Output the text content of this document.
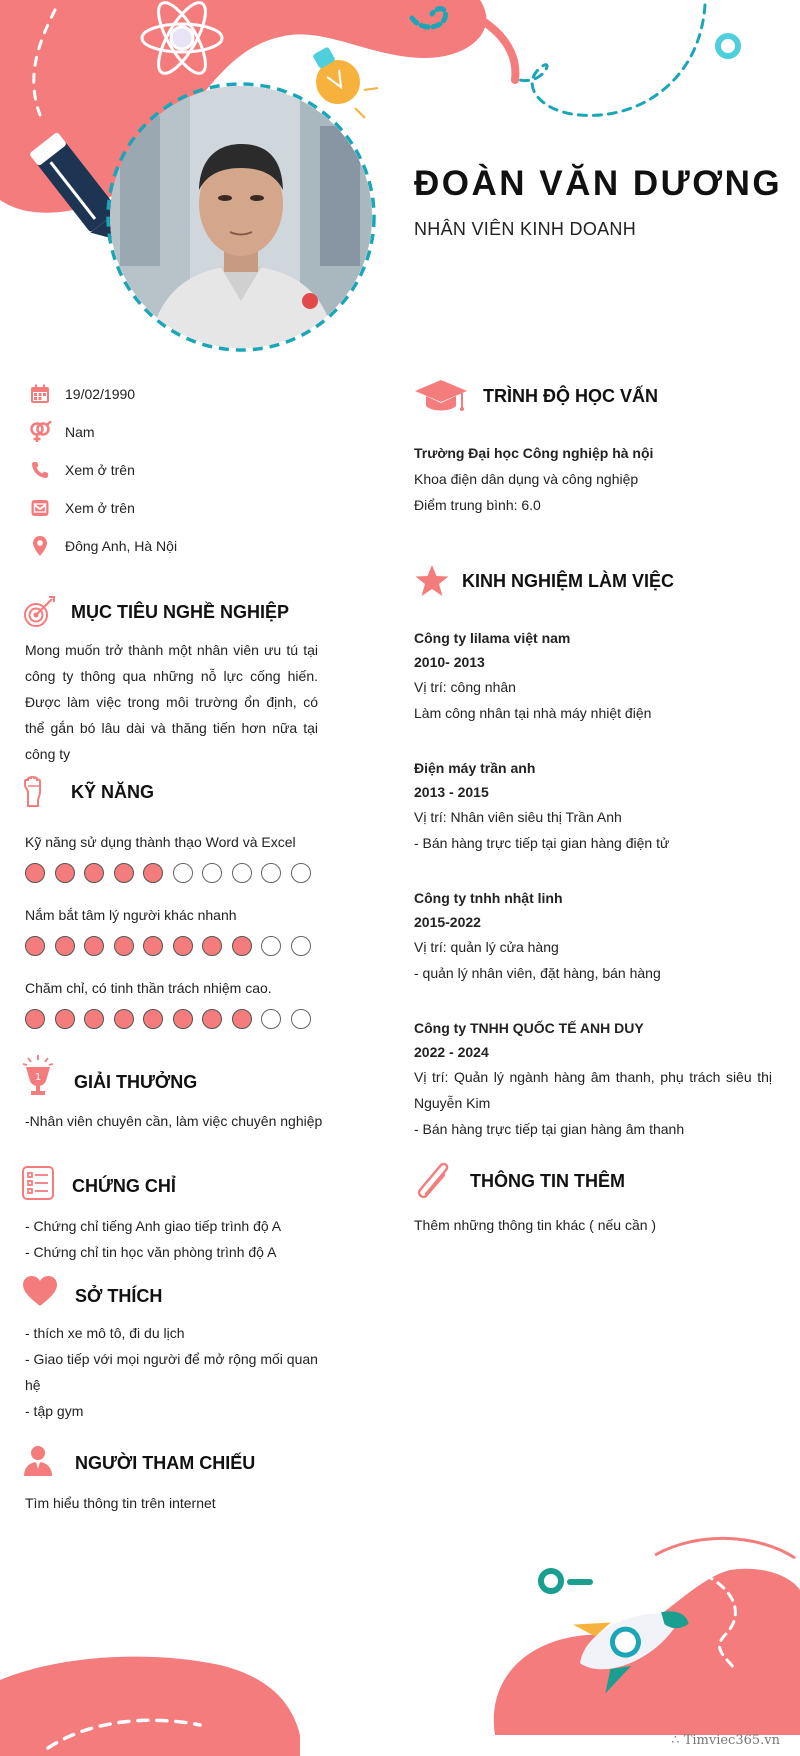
ĐOÀN VĂN DƯƠNG
NHÂN VIÊN KINH DOANH
19/02/1990
Nam
Xem ở trên
Xem ở trên
Đông Anh, Hà Nội
MỤC TIÊU NGHỀ NGHIỆP
Mong muốn trở thành một nhân viên ưu tú tại công ty thông qua những nỗ lực cống hiến. Được làm việc trong môi trường ổn định, có thể gắn bó lâu dài và thăng tiến hơn nữa tại công ty
KỸ NĂNG
Kỹ năng sử dụng thành thạo Word và Excel
Nắm bắt tâm lý người khác nhanh
Chăm chỉ, có tinh thần trách nhiệm cao.
1 GIẢI THƯỞNG
-Nhân viên chuyên cần, làm việc chuyên nghiệp
CHỨNG CHỈ
- Chứng chỉ tiếng Anh giao tiếp trình độ A
- Chứng chỉ tin học văn phòng trình độ A
SỞ THÍCH
- thích xe mô tô, đi du lịch
- Giao tiếp với mọi người để mở rộng mối quan hệ
- tập gym
NGƯỜI THAM CHIẾU
Tìm hiểu thông tin trên internet
TRÌNH ĐỘ HỌC VẤN
Trường Đại học Công nghiệp hà nội
Khoa điện dân dụng và công nghiệp
Điểm trung bình: 6.0
KINH NGHIỆM LÀM VIỆC
Công ty lilama việt nam
2010- 2013
Vị trí: công nhân
Làm công nhân tại nhà máy nhiệt điện
Điện máy trần anh
2013 - 2015
Vị trí: Nhân viên siêu thị Trần Anh
- Bán hàng trực tiếp tại gian hàng điện tử
Công ty tnhh nhật linh
2015-2022
Vị trí: quản lý cửa hàng
- quản lý nhân viên, đặt hàng, bán hàng
Công ty TNHH QUỐC TẾ ANH DUY
2022 - 2024
Vị trí: Quản lý ngành hàng âm thanh, phụ trách siêu thị Nguyễn Kim
- Bán hàng trực tiếp tại gian hàng âm thanh
THÔNG TIN THÊM
Thêm những thông tin khác ( nếu cần )
∴ Timviec365.vn
